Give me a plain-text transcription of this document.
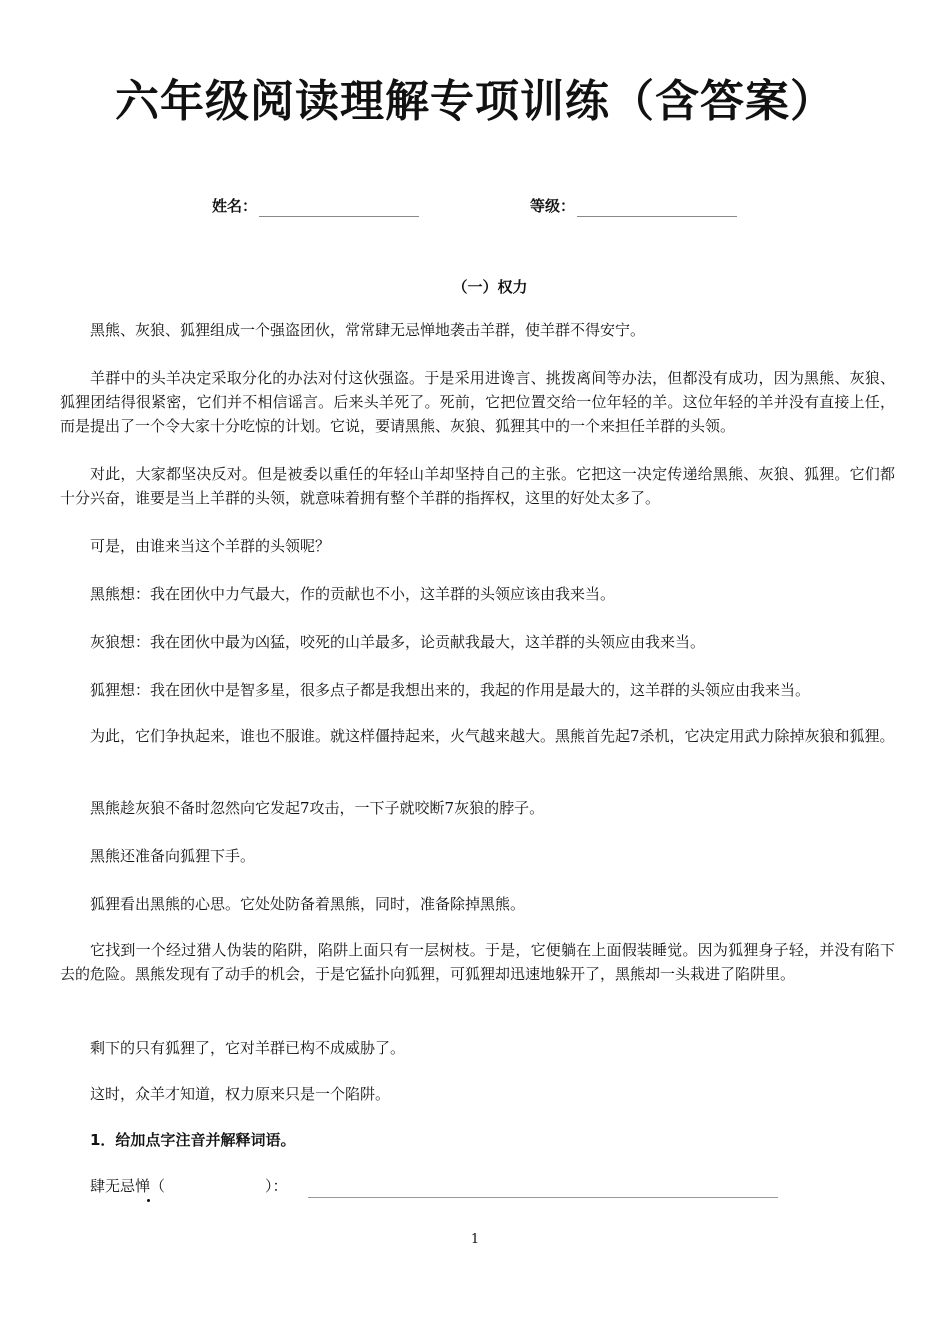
六年级阅读理解专项训练（含答案）
姓名：	等级：
（一）权力

黑熊、灰狼、狐狸组成一个强盗团伙，常常肆无忌惮地袭击羊群，使羊群不得安宁。

羊群中的头羊决定采取分化的办法对付这伙强盗。于是采用进谗言、挑拨离间等办法，但都没有成功，因为黑熊、灰狼、狐狸团结得很紧密，它们并不相信谣言。后来头羊死了。死前，它把位置交给一位年轻的羊。这位年轻的羊并没有直接上任，而是提出了一个令大家十分吃惊的计划。它说，要请黑熊、灰狼、狐狸其中的一个来担任羊群的头领。

对此，大家都坚决反对。但是被委以重任的年轻山羊却坚持自己的主张。它把这一决定传递给黑熊、灰狼、狐狸。它们都十分兴奋，谁要是当上羊群的头领，就意味着拥有整个羊群的指挥权，这里的好处太多了。

可是，由谁来当这个羊群的头领呢？

黑熊想：我在团伙中力气最大，作的贡献也不小，这羊群的头领应该由我来当。

灰狼想：我在团伙中最为凶猛，咬死的山羊最多，论贡献我最大，这羊群的头领应由我来当。

狐狸想：我在团伙中是智多星，很多点子都是我想出来的，我起的作用是最大的，这羊群的头领应由我来当。

为此，它们争执起来，谁也不服谁。就这样僵持起来，火气越来越大。黑熊首先起7杀机，它决定用武力除掉灰狼和狐狸。

黑熊趁灰狼不备时忽然向它发起7攻击，一下子就咬断7灰狼的脖子。

黑熊还准备向狐狸下手。

狐狸看出黑熊的心思。它处处防备着黑熊，同时，准备除掉黑熊。

它找到一个经过猎人伪装的陷阱，陷阱上面只有一层树枝。于是，它便躺在上面假装睡觉。因为狐狸身子轻，并没有陷下去的危险。黑熊发现有了动手的机会，于是它猛扑向狐狸，可狐狸却迅速地躲开了，黑熊却一头栽进了陷阱里。

剩下的只有狐狸了，它对羊群已构不成威胁了。

这时，众羊才知道，权力原来只是一个陷阱。

1．给加点字注音并解释词语。

肆无忌惮 （	）：
1
